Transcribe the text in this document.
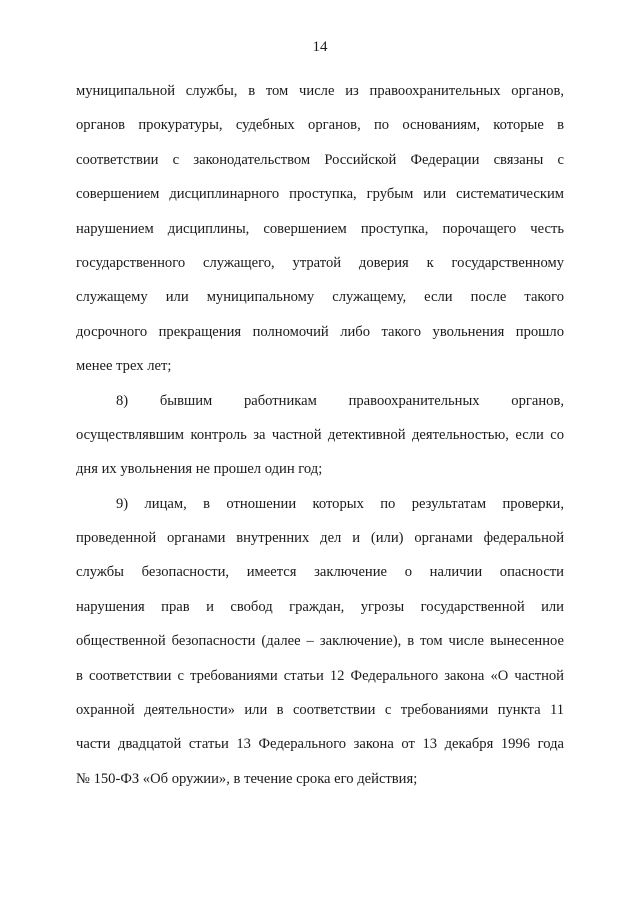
14
муниципальной службы, в том числе из правоохранительных органов,
органов прокуратуры, судебных органов, по основаниям, которые в
соответствии с законодательством Российской Федерации связаны с
совершением дисциплинарного проступка, грубым или систематическим
нарушением дисциплины, совершением проступка, порочащего честь
государственного служащего, утратой доверия к государственному
служащему или муниципальному служащему, если после такого
досрочного прекращения полномочий либо такого увольнения прошло
менее трех лет;
8) бывшим работникам правоохранительных органов,
осуществлявшим контроль за частной детективной деятельностью, если со
дня их увольнения не прошел один год;
9) лицам, в отношении которых по результатам проверки,
проведенной органами внутренних дел и (или) органами федеральной
службы безопасности, имеется заключение о наличии опасности
нарушения прав и свобод граждан, угрозы государственной или
общественной безопасности (далее – заключение), в том числе вынесенное
в соответствии с требованиями статьи 12 Федерального закона «О частной
охранной деятельности» или в соответствии с требованиями пункта 11
части двадцатой статьи 13 Федерального закона от 13 декабря 1996 года
№ 150-ФЗ «Об оружии», в течение срока его действия;
